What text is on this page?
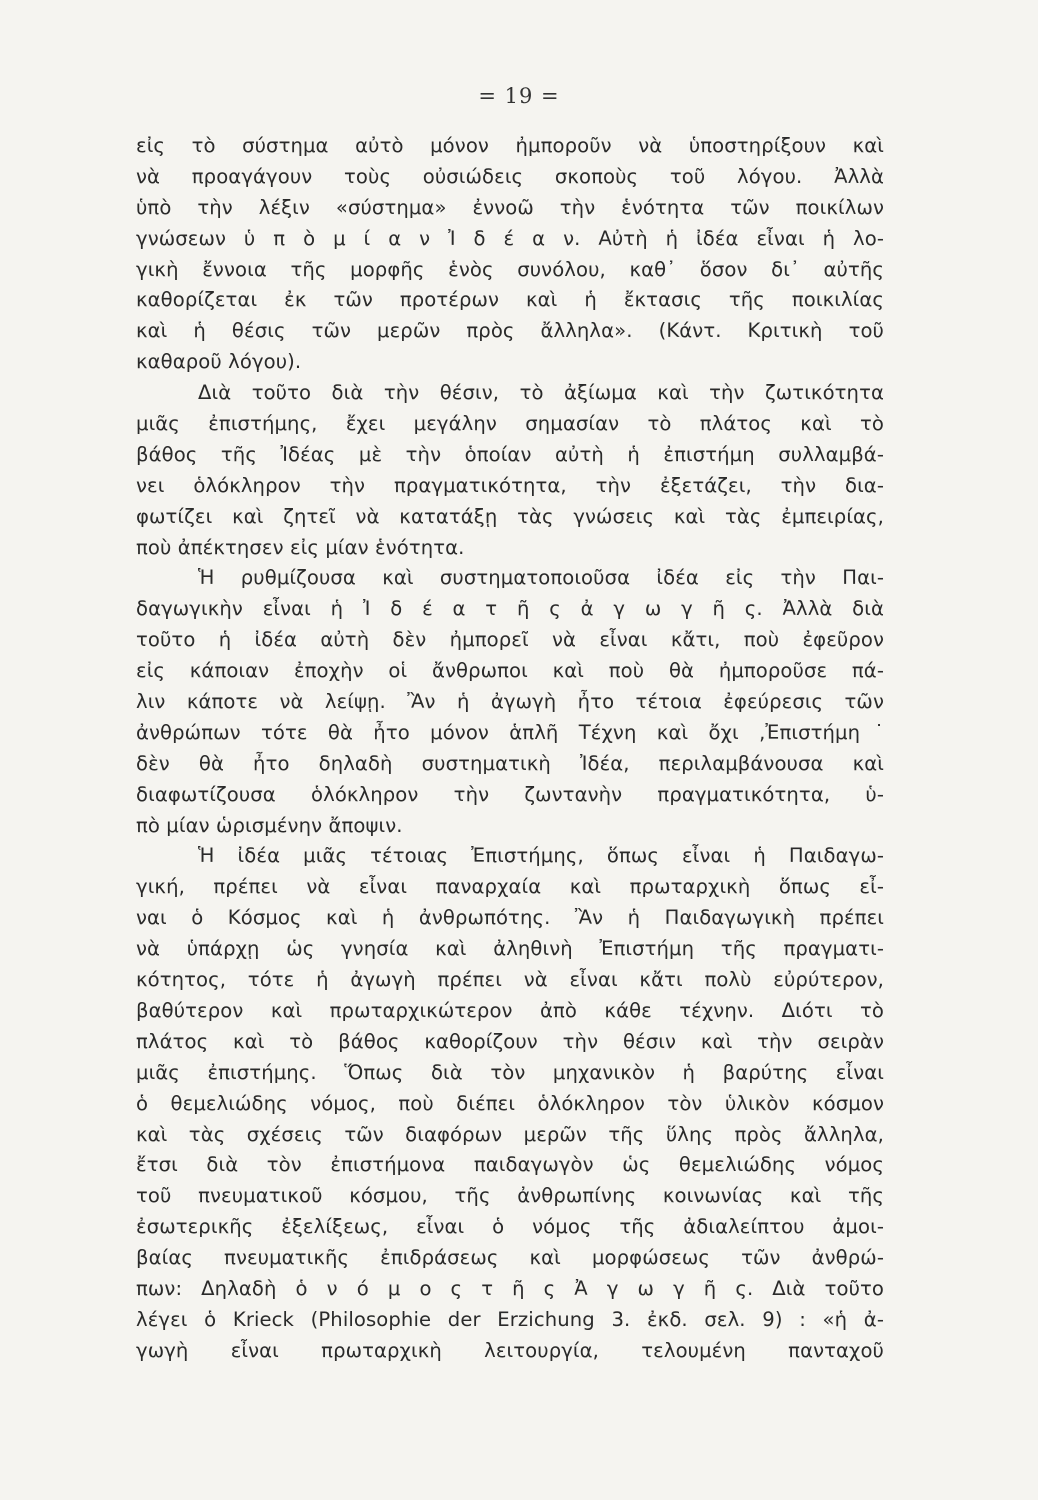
= 19 =
εἰς τὸ σύστημα αὐτὸ μόνον ἠμποροῦν νὰ ὑποστηρίξουν καὶ
νὰ προαγάγουν τοὺς οὐσιώδεις σκοποὺς τοῦ λόγου. Ἀλλὰ
ὑπὸ τὴν λέξιν «σύστημα» ἐννοῶ τὴν ἑνότητα τῶν ποικίλων
γνώσεων ὑ π ὸ μ ί α ν Ἰ δ έ α ν. Αὐτὴ ἡ ἰδέα εἶναι ἡ λο-
γικὴ ἔννοια τῆς μορφῆς ἑνὸς συνόλου, καθ᾽ ὅσον δι᾽ αὐτῆς
καθορίζεται ἐκ τῶν προτέρων καὶ ἡ ἔκτασις τῆς ποικιλίας
καὶ ἡ θέσις τῶν μερῶν πρὸς ἄλληλα». (Κάντ. Κριτικὴ τοῦ
καθαροῦ λόγου).
Διὰ τοῦτο διὰ τὴν θέσιν, τὸ ἀξίωμα καὶ τὴν ζωτικότητα
μιᾶς ἐπιστήμης, ἔχει μεγάλην σημασίαν τὸ πλάτος καὶ τὸ
βάθος τῆς Ἰδέας μὲ τὴν ὁποίαν αὐτὴ ἡ ἐπιστήμη συλλαμβά-
νει ὁλόκληρον τὴν πραγματικότητα, τὴν ἐξετάζει, τὴν δια-
φωτίζει καὶ ζητεῖ νὰ κατατάξῃ τὰς γνώσεις καὶ τὰς ἐμπειρίας,
ποὺ ἀπέκτησεν εἰς μίαν ἑνότητα.
Ἡ ρυθμίζουσα καὶ συστηματοποιοῦσα ἰδέα εἰς τὴν Παι-
δαγωγικὴν εἶναι ἡ Ἰ δ έ α τ ῆ ς ἀ γ ω γ ῆ ς. Ἀλλὰ διὰ
τοῦτο ἡ ἰδέα αὐτὴ δὲν ἠμπορεῖ νὰ εἶναι κἄτι, ποὺ ἐφεῦρον
εἰς κάποιαν ἐποχὴν οἱ ἄνθρωποι καὶ ποὺ θὰ ἠμποροῦσε πά-
λιν κάποτε νὰ λείψῃ. Ἂν ἡ ἀγωγὴ ἦτο τέτοια ἐφεύρεσις τῶν
ἀνθρώπων τότε θὰ ἦτο μόνον ἁπλῆ Τέχνη καὶ ὄχι ,Ἐπιστήμη˙
δὲν θὰ ἦτο δηλαδὴ συστηματικὴ Ἰδέα, περιλαμβάνουσα καὶ
διαφωτίζουσα ὁλόκληρον τὴν ζωντανὴν πραγματικότητα, ὑ-
πὸ μίαν ὡρισμένην ἄποψιν.
Ἡ ἰδέα μιᾶς τέτοιας Ἐπιστήμης, ὅπως εἶναι ἡ Παιδαγω-
γική, πρέπει νὰ εἶναι παναρχαία καὶ πρωταρχικὴ ὅπως εἶ-
ναι ὁ Κόσμος καὶ ἡ ἀνθρωπότης. Ἂν ἡ Παιδαγωγικὴ πρέπει
νὰ ὑπάρχῃ ὡς γνησία καὶ ἀληθινὴ Ἐπιστήμη τῆς πραγματι-
κότητος, τότε ἡ ἀγωγὴ πρέπει νὰ εἶναι κἄτι πολὺ εὐρύτερον,
βαθύτερον καὶ πρωταρχικώτερον ἀπὸ κάθε τέχνην. Διότι τὸ
πλάτος καὶ τὸ βάθος καθορίζουν τὴν θέσιν καὶ τὴν σειρὰν
μιᾶς ἐπιστήμης. Ὅπως διὰ τὸν μηχανικὸν ἡ βαρύτης εἶναι
ὁ θεμελιώδης νόμος, ποὺ διέπει ὁλόκληρον τὸν ὑλικὸν κόσμον
καὶ τὰς σχέσεις τῶν διαφόρων μερῶν τῆς ὕλης πρὸς ἄλληλα,
ἔτσι διὰ τὸν ἐπιστήμονα παιδαγωγὸν ὡς θεμελιώδης νόμος
τοῦ πνευματικοῦ κόσμου, τῆς ἀνθρωπίνης κοινωνίας καὶ τῆς
ἐσωτερικῆς ἐξελίξεως, εἶναι ὁ νόμος τῆς ἀδιαλείπτου ἀμοι-
βαίας πνευματικῆς ἐπιδράσεως καὶ μορφώσεως τῶν ἀνθρώ-
πων: Δηλαδὴ ὁ ν ό μ ο ς τ ῆ ς Ἀ γ ω γ ῆ ς. Διὰ τοῦτο
λέγει ὁ Krieck (Philosophie der Erzichung 3. ἐκδ. σελ. 9) : «ἡ ἀ-
γωγὴ εἶναι πρωταρχικὴ λειτουργία, τελουμένη πανταχοῦ
